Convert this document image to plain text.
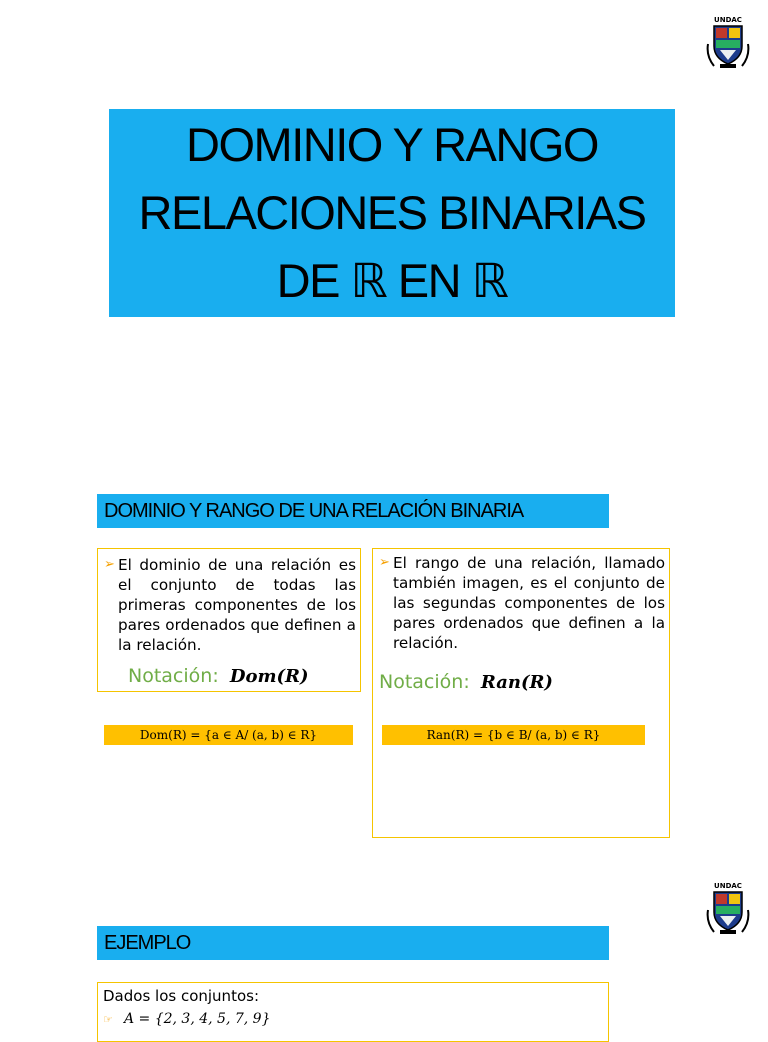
UNDAC
UNDAC
DOMINIO Y RANGO
RELACIONES BINARIAS
DE ℝ EN ℝ
DOMINIO Y RANGO DE UNA RELACIÓN BINARIA
➢ El dominio de una relación es el conjunto de todas las primeras componentes de los pares ordenados que definen a la relación.
Notación: Dom(R)
➢ El rango de una relación, llamado también imagen, es el conjunto de las segundas componentes de los pares ordenados que definen a la relación.
Notación: Ran(R)
Dom(R) = {a ∈ A/ (a, b) ∈ R}	Ran(R) = {b ∈ B/ (a, b) ∈ R}
EJEMPLO
Dados los conjuntos:
☞ A = {2, 3, 4, 5, 7, 9}
